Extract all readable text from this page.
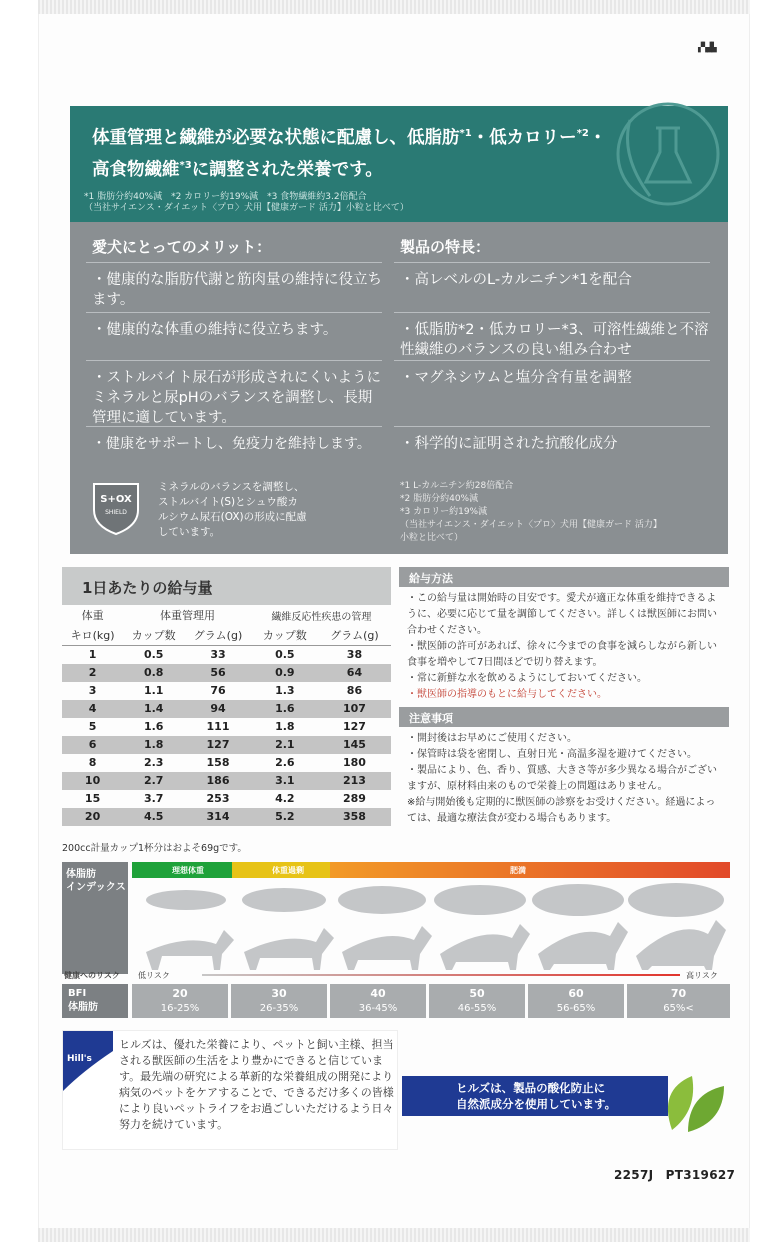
▞▚▟▙
体重管理と繊維が必要な状態に配慮し、低脂肪$^{*1}$・低カロリー$^{*2}$・
高食物繊維$^{*3}$に調整された栄養です。
*1 脂肪分約40%減　*2 カロリー約19%減　*3 食物繊維約3.2倍配合
（当社サイエンス・ダイエット〈プロ〉犬用【健康ガード 活力】小粒と比べて）
愛犬にとってのメリット：	製品の特長：
・健康的な脂肪代謝と筋肉量の維持に役立ちます。
・健康的な体重の維持に役立ちます。
・ストルバイト尿石が形成されにくいようにミネラルと尿pHのバランスを調整し、長期管理に適しています。
・健康をサポートし、免疫力を維持します。
・高レベルのL-カルニチン*1を配合
・低脂肪*2・低カロリー*3、可溶性繊維と不溶性繊維のバランスの良い組み合わせ
・マグネシウムと塩分含有量を調整
・科学的に証明された抗酸化成分
S+OX
SHIELD
ミネラルのバランスを調整し、ストルバイト(S)とシュウ酸カルシウム尿石(OX)の形成に配慮しています。
*1 L-カルニチン約28倍配合
*2 脂肪分約40%減
*3 カロリー約19%減
（当社サイエンス・ダイエット〈プロ〉犬用【健康ガード 活力】
小粒と比べて）
1日あたりの給与量
体重	体重管理用		繊維反応性疾患の管理	
キロ(kg)	カップ数	グラム(g)	カップ数	グラム(g)
1	0.5	33	0.5	38
2	0.8	56	0.9	64
3	1.1	76	1.3	86
4	1.4	94	1.6	107
5	1.6	111	1.8	127
6	1.8	127	2.1	145
8	2.3	158	2.6	180
10	2.7	186	3.1	213
15	3.7	253	4.2	289
20	4.5	314	5.2	358
200cc計量カップ1杯分はおよそ69gです。
給与方法
・この給与量は開始時の目安です。愛犬が適正な体重を維持できるように、必要に応じて量を調節してください。詳しくは獣医師にお問い合わせください。
・獣医師の許可があれば、徐々に今までの食事を減らしながら新しい食事を増やして7日間ほどで切り替えます。
・常に新鮮な水を飲めるようにしておいてください。
・獣医師の指導のもとに給与してください。
注意事項
・開封後はお早めにご使用ください。
・保管時は袋を密閉し、直射日光・高温多湿を避けてください。
・製品により、色、香り、質感、大きさ等が多少異なる場合がございますが、原材料由来のもので栄養上の問題はありません。
※給与開始後も定期的に獣医師の診察をお受けください。経過によっては、最適な療法食が変わる場合もあります。
体脂肪
インデックス
理想体重	体重過剰	肥満
健康へのリスク	低リスク	高リスク
BFI
体脂肪
20
16-25%
30
26-35%
40
36-45%
50
46-55%
60
56-65%
70
65%<
Hill's
ヒルズは、優れた栄養により、ペットと飼い主様、担当される獣医師の生活をより豊かにできると信じています。最先端の研究による革新的な栄養組成の開発により病気のペットをケアすることで、できるだけ多くの皆様により良いペットライフをお過ごしいただけるよう日々努力を続けています。
ヒルズは、製品の酸化防止に
自然派成分を使用しています。
2257J　PT319627
